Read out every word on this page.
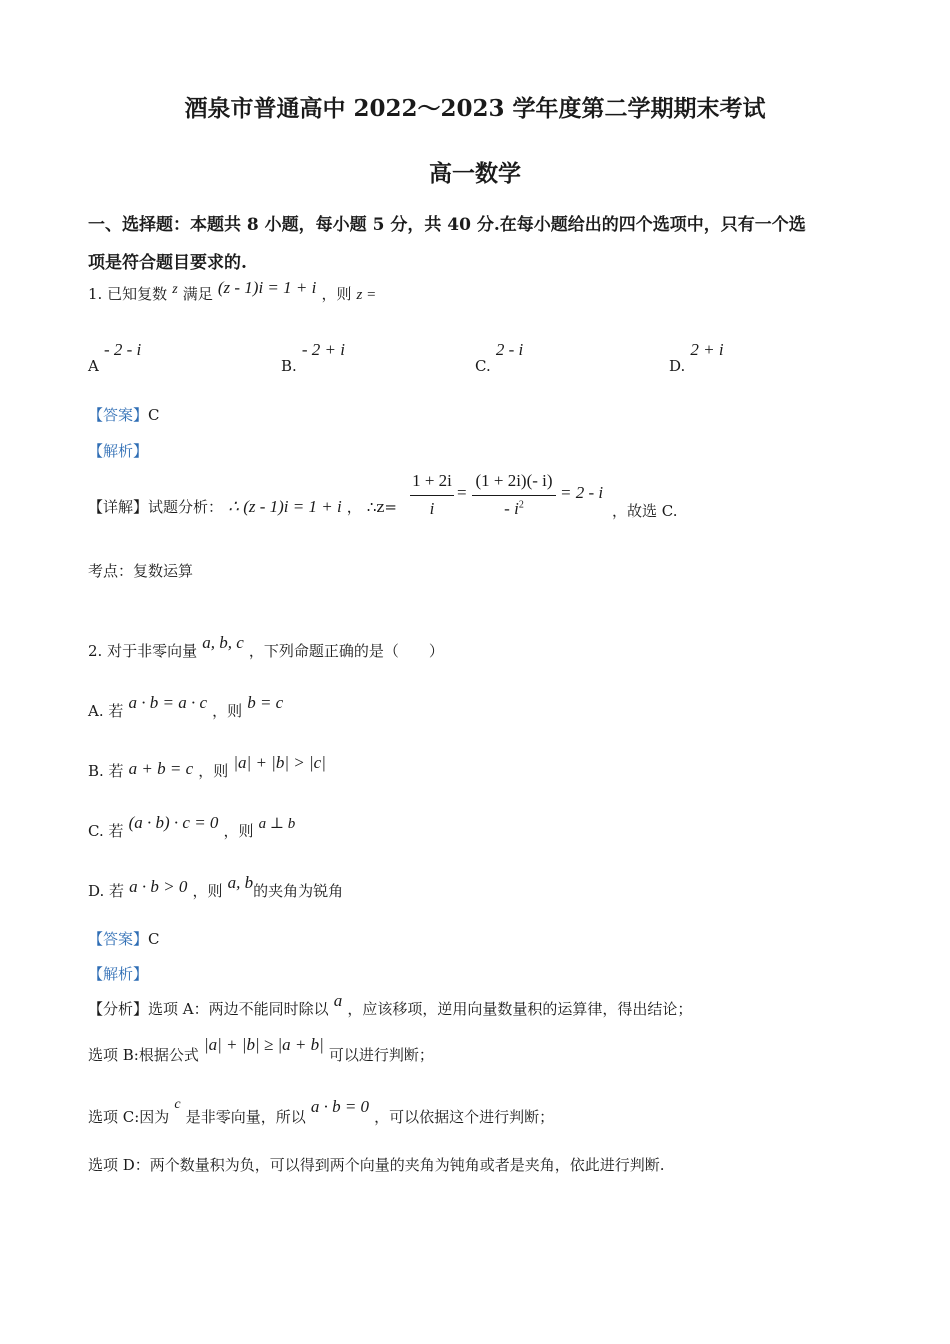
酒泉市普通高中 2022～2023 学年度第二学期期末考试
高一数学
一、选择题：本题共 8 小题，每小题 5 分，共 40 分.在每小题给出的四个选项中，只有一个选
项是符合题目要求的.
1. 已知复数 z 满足 (z - 1)i = 1 + i ，则 z =
A - 2 - i
B. - 2 + i
C. 2 - i
D. 2 + i
【答案】C
【解析】
【详解】试题分析： ∴ (z - 1)i = 1 + i ， ∴z=
1 + 2i
i
=
(1 + 2i)(- i)
- $i^2$
= 2 - i
，故选 C.
考点：复数运算
2. 对于非零向量 a, b, c ，下列命题正确的是（　　）
A. 若 a · b = a · c ，则 b = c
B. 若 a + b = c ，则 |a| + |b| > |c|
C. 若 (a · b) · c = 0 ，则 a ⊥ b
D. 若 a · b > 0 ，则 a, b的夹角为锐角
【答案】C
【解析】
【分析】选项 A：两边不能同时除以 a ，应该移项，逆用向量数量积的运算律，得出结论；
选项 B:根据公式 |a| + |b| ≥ |a + b| 可以进行判断；
选项 C:因为 c 是非零向量，所以 a · b = 0 ，可以依据这个进行判断；
选项 D：两个数量积为负，可以得到两个向量的夹角为钝角或者是夹角，依此进行判断.
